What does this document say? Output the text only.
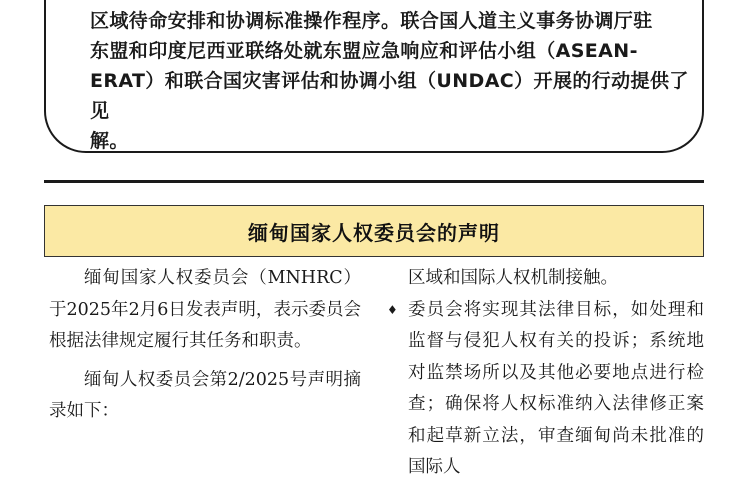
区域待命安排和协调标准操作程序。联合国人道主义事务协调厅驻
东盟和印度尼西亚联络处就东盟应急响应和评估小组（ASEAN-
ERAT）和联合国灾害评估和协调小组（UNDAC）开展的行动提供了见
解。
缅甸国家人权委员会的声明

缅甸国家人权委员会（MNHRC）于2025年2月6日发表声明，表示委员会根据法律规定履行其任务和职责。

缅甸人权委员会第2/2025号声明摘录如下：

区域和国际人权机制接触。
♦ 委员会将实现其法律目标，如处理和监督与侵犯人权有关的投诉；系统地对监禁场所以及其他必要地点进行检查；确保将人权标准纳入法律修正案和起草新立法，审查缅甸尚未批准的国际人
